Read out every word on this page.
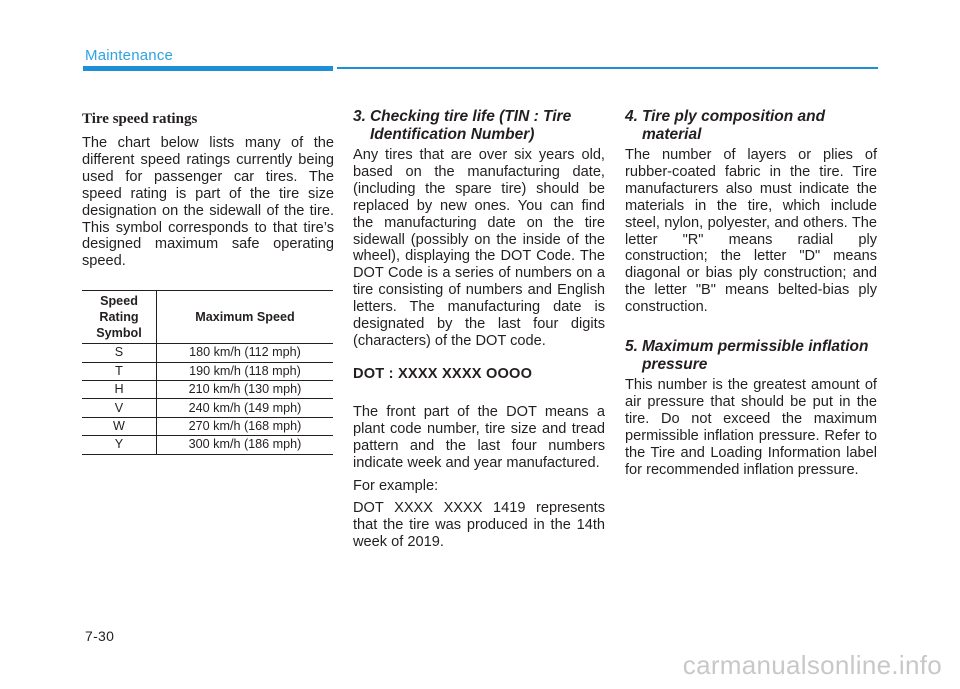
Maintenance
Tire speed ratings

The chart below lists many of the different speed ratings currently being used for passenger car tires. The speed rating is part of the tire size designation on the sidewall of the tire. This symbol corresponds to that tire’s designed maximum safe operating speed.

Speed
Rating
Symbol	Maximum Speed
S	180 km/h (112 mph)
T	190 km/h (118 mph)
H	210 km/h (130 mph)
V	240 km/h (149 mph)
W	270 km/h (168 mph)
Y	300 km/h (186 mph)
3. Checking tire life (TIN : Tire Identification Number)

Any tires that are over six years old, based on the manufacturing date, (including the spare tire) should be replaced by new ones. You can find the manufacturing date on the tire sidewall (possibly on the inside of the wheel), displaying the DOT Code. The DOT Code is a series of numbers on a tire consisting of numbers and English letters. The manufacturing date is designated by the last four digits (characters) of the DOT code.

DOT : XXXX XXXX OOOO

The front part of the DOT means a plant code number, tire size and tread pattern and the last four numbers indicate week and year manufactured.

For example:

DOT XXXX XXXX 1419 represents that the tire was produced in the 14th week of 2019.

4. Tire ply composition and material

The number of layers or plies of rubber-coated fabric in the tire. Tire manufacturers also must indicate the materials in the tire, which include steel, nylon, polyester, and others. The letter "R" means radial ply construction; the letter "D" means diagonal or bias ply construction; and the letter "B" means belted-bias ply construction.

5. Maximum permissible inflation pressure

This number is the greatest amount of air pressure that should be put in the tire. Do not exceed the maximum permissible inflation pressure. Refer to the Tire and Loading Information label for recommended inflation pressure.

7-30
carmanualsonline.info
